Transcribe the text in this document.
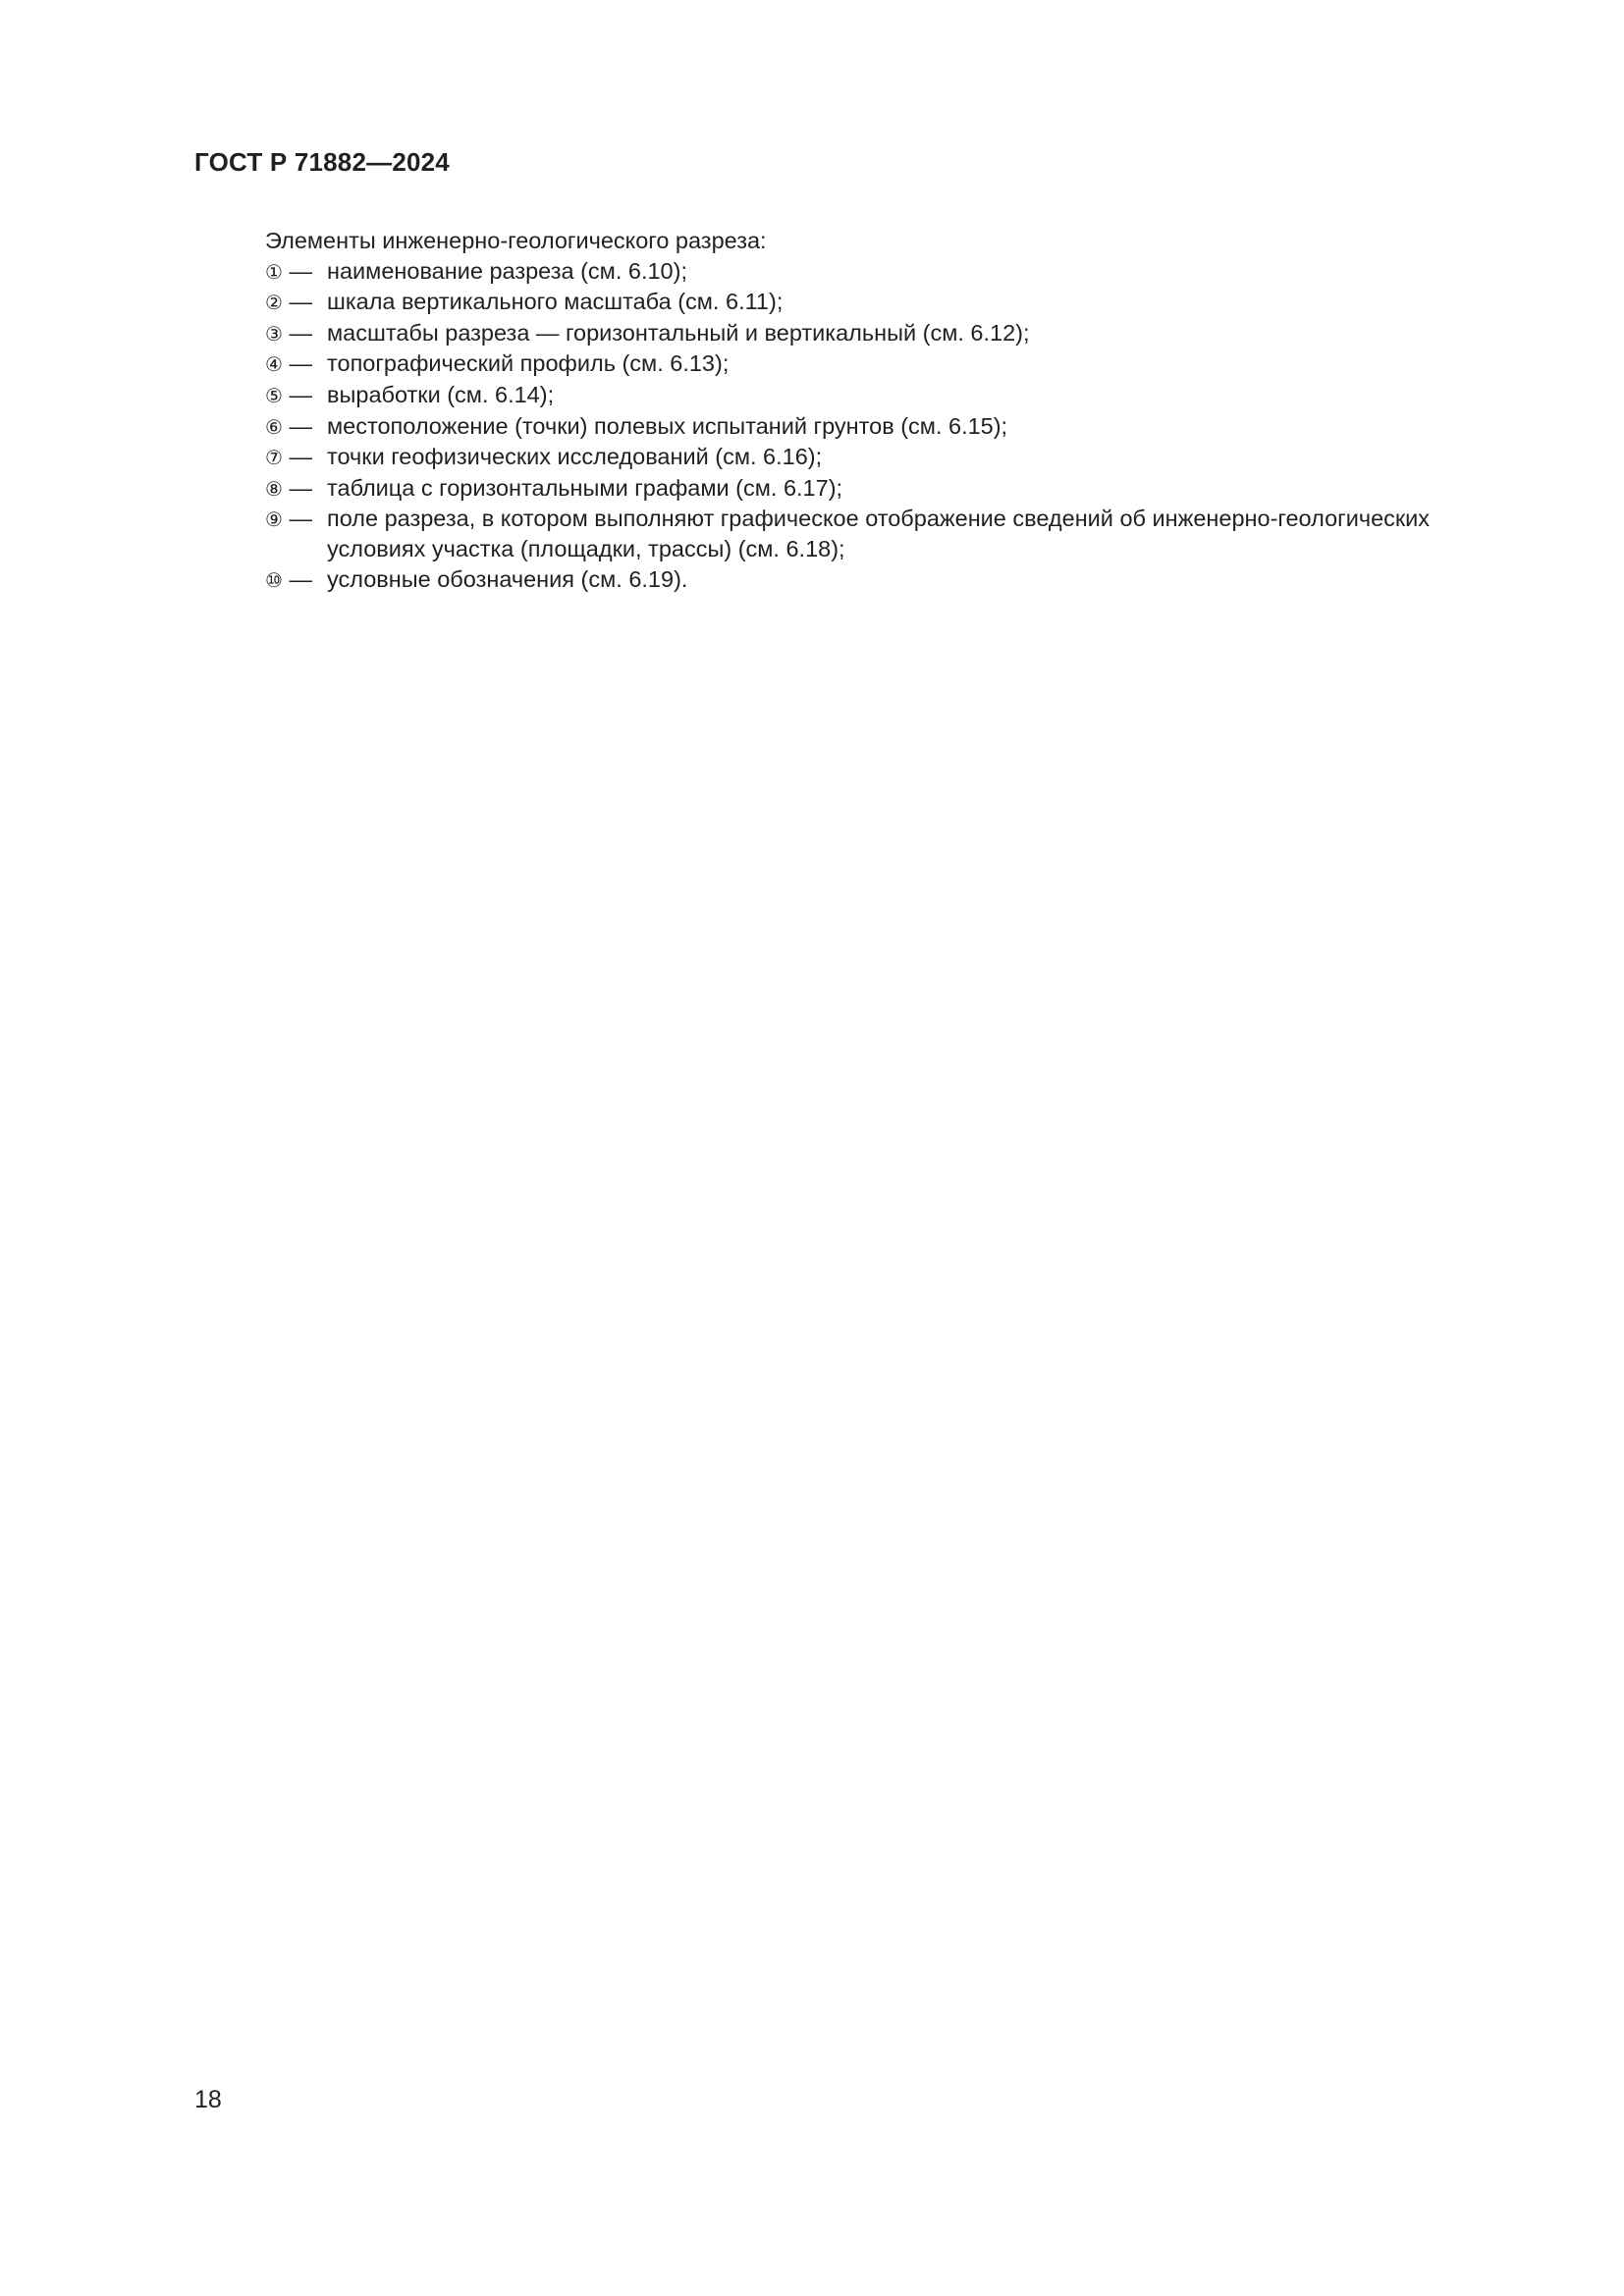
ГОСТ Р 71882—2024

Элементы инженерно-геологического разреза:

① — наименование разреза (см. 6.10);
② — шкала вертикального масштаба (см. 6.11);
③ — масштабы разреза — горизонтальный и вертикальный (см. 6.12);
④ — топографический профиль (см. 6.13);
⑤ — выработки (см. 6.14);
⑥ — местоположение (точки) полевых испытаний грунтов (см. 6.15);
⑦ — точки геофизических исследований (см. 6.16);
⑧ — таблица с горизонтальными графами (см. 6.17);
⑨ — поле разреза, в котором выполняют графическое отображение сведений об инженерно-геологических условиях участка (площадки, трассы) (см. 6.18);
⑩ — условные обозначения (см. 6.19).
18
